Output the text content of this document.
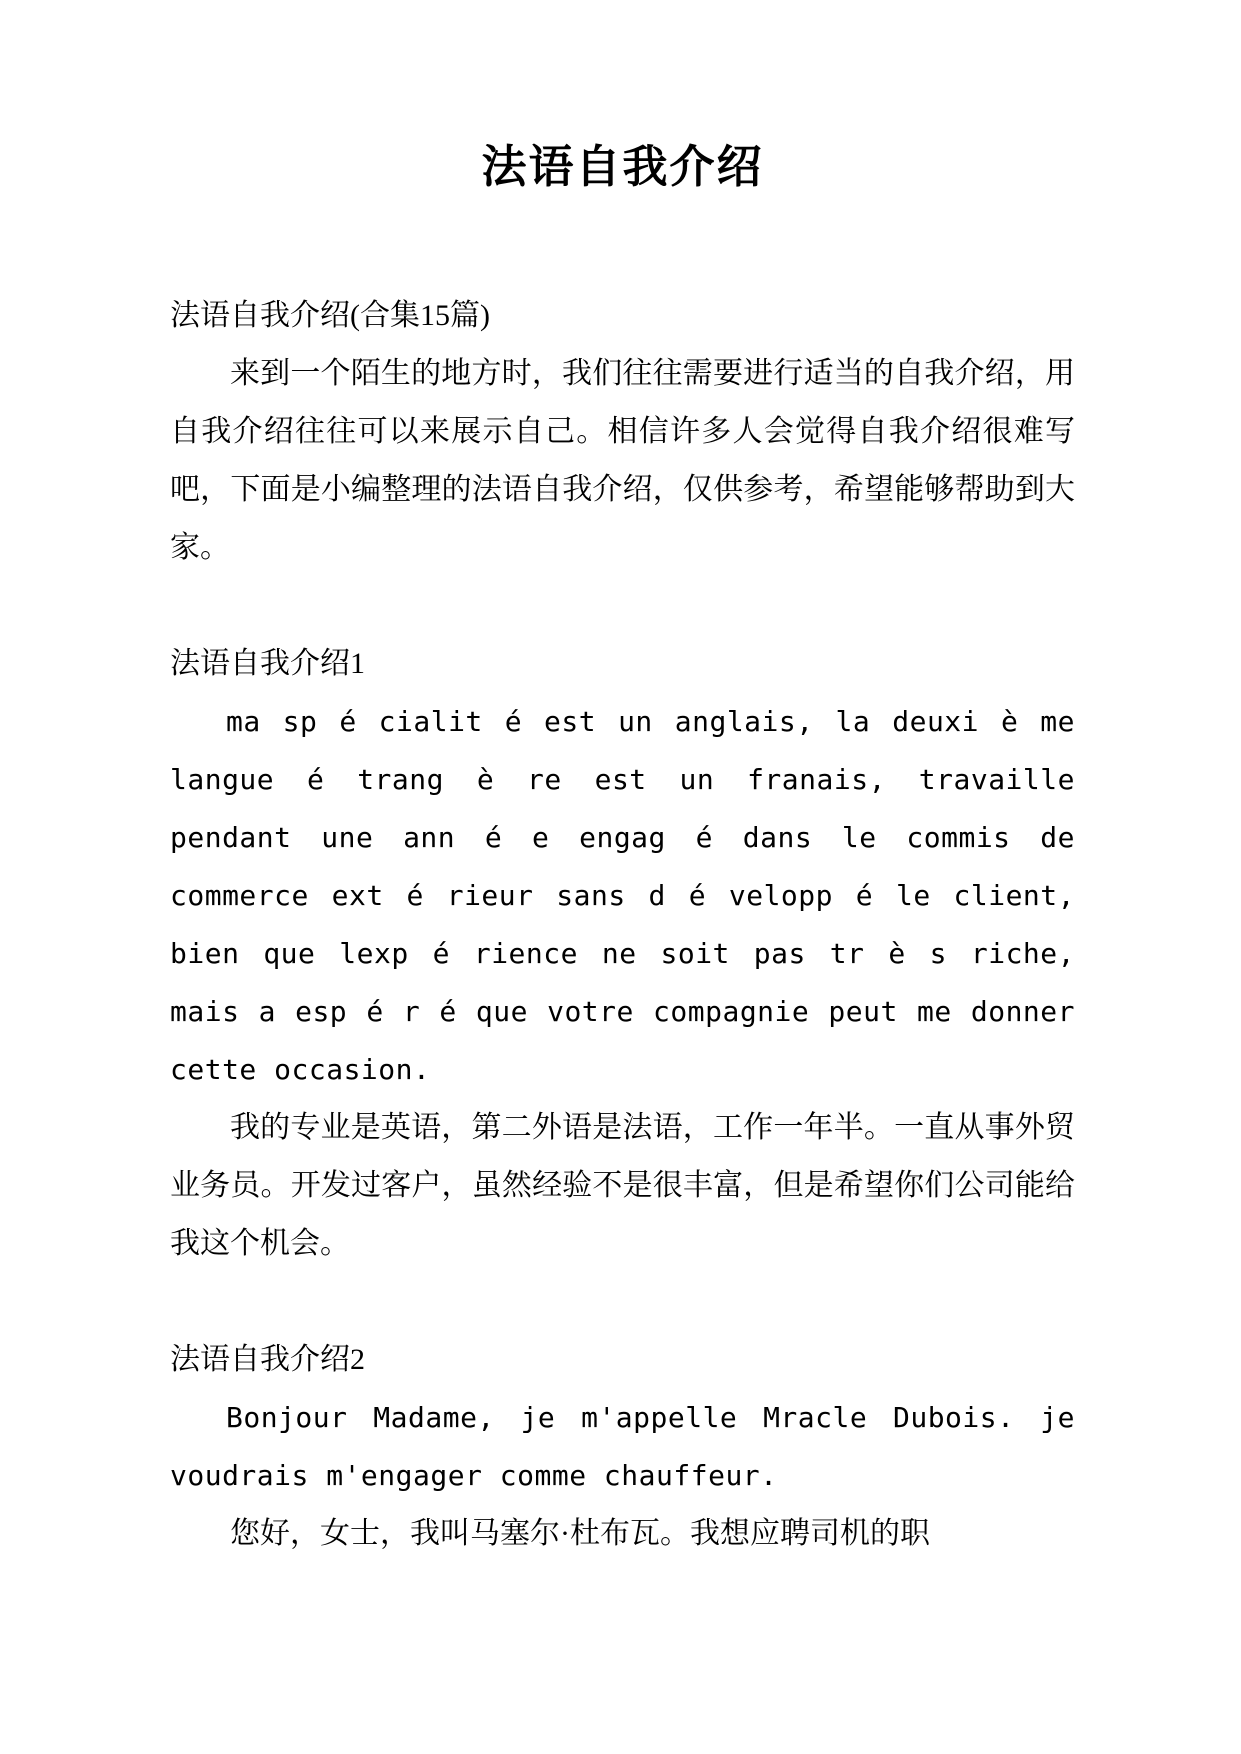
法语自我介绍

法语自我介绍(合集15篇)

来到一个陌生的地方时，我们往往需要进行适当的自我介绍，用自我介绍往往可以来展示自己。相信许多人会觉得自我介绍很难写吧，下面是小编整理的法语自我介绍，仅供参考，希望能够帮助到大家。

法语自我介绍1

ma sp é cialit é est un anglais, la deuxi è me langue é trang è re est un franais, travaille pendant une ann é e engag é dans le commis de commerce ext é rieur sans d é velopp é le client, bien que lexp é rience ne soit pas tr è s riche, mais a esp é r é que votre compagnie peut me donner cette occasion.

我的专业是英语，第二外语是法语，工作一年半。一直从事外贸业务员。开发过客户，虽然经验不是很丰富，但是希望你们公司能给我这个机会。

法语自我介绍2

Bonjour Madame, je m'appelle Mracle Dubois. je voudrais m'engager comme chauffeur.

您好，女士，我叫马塞尔·杜布瓦。我想应聘司机的职
